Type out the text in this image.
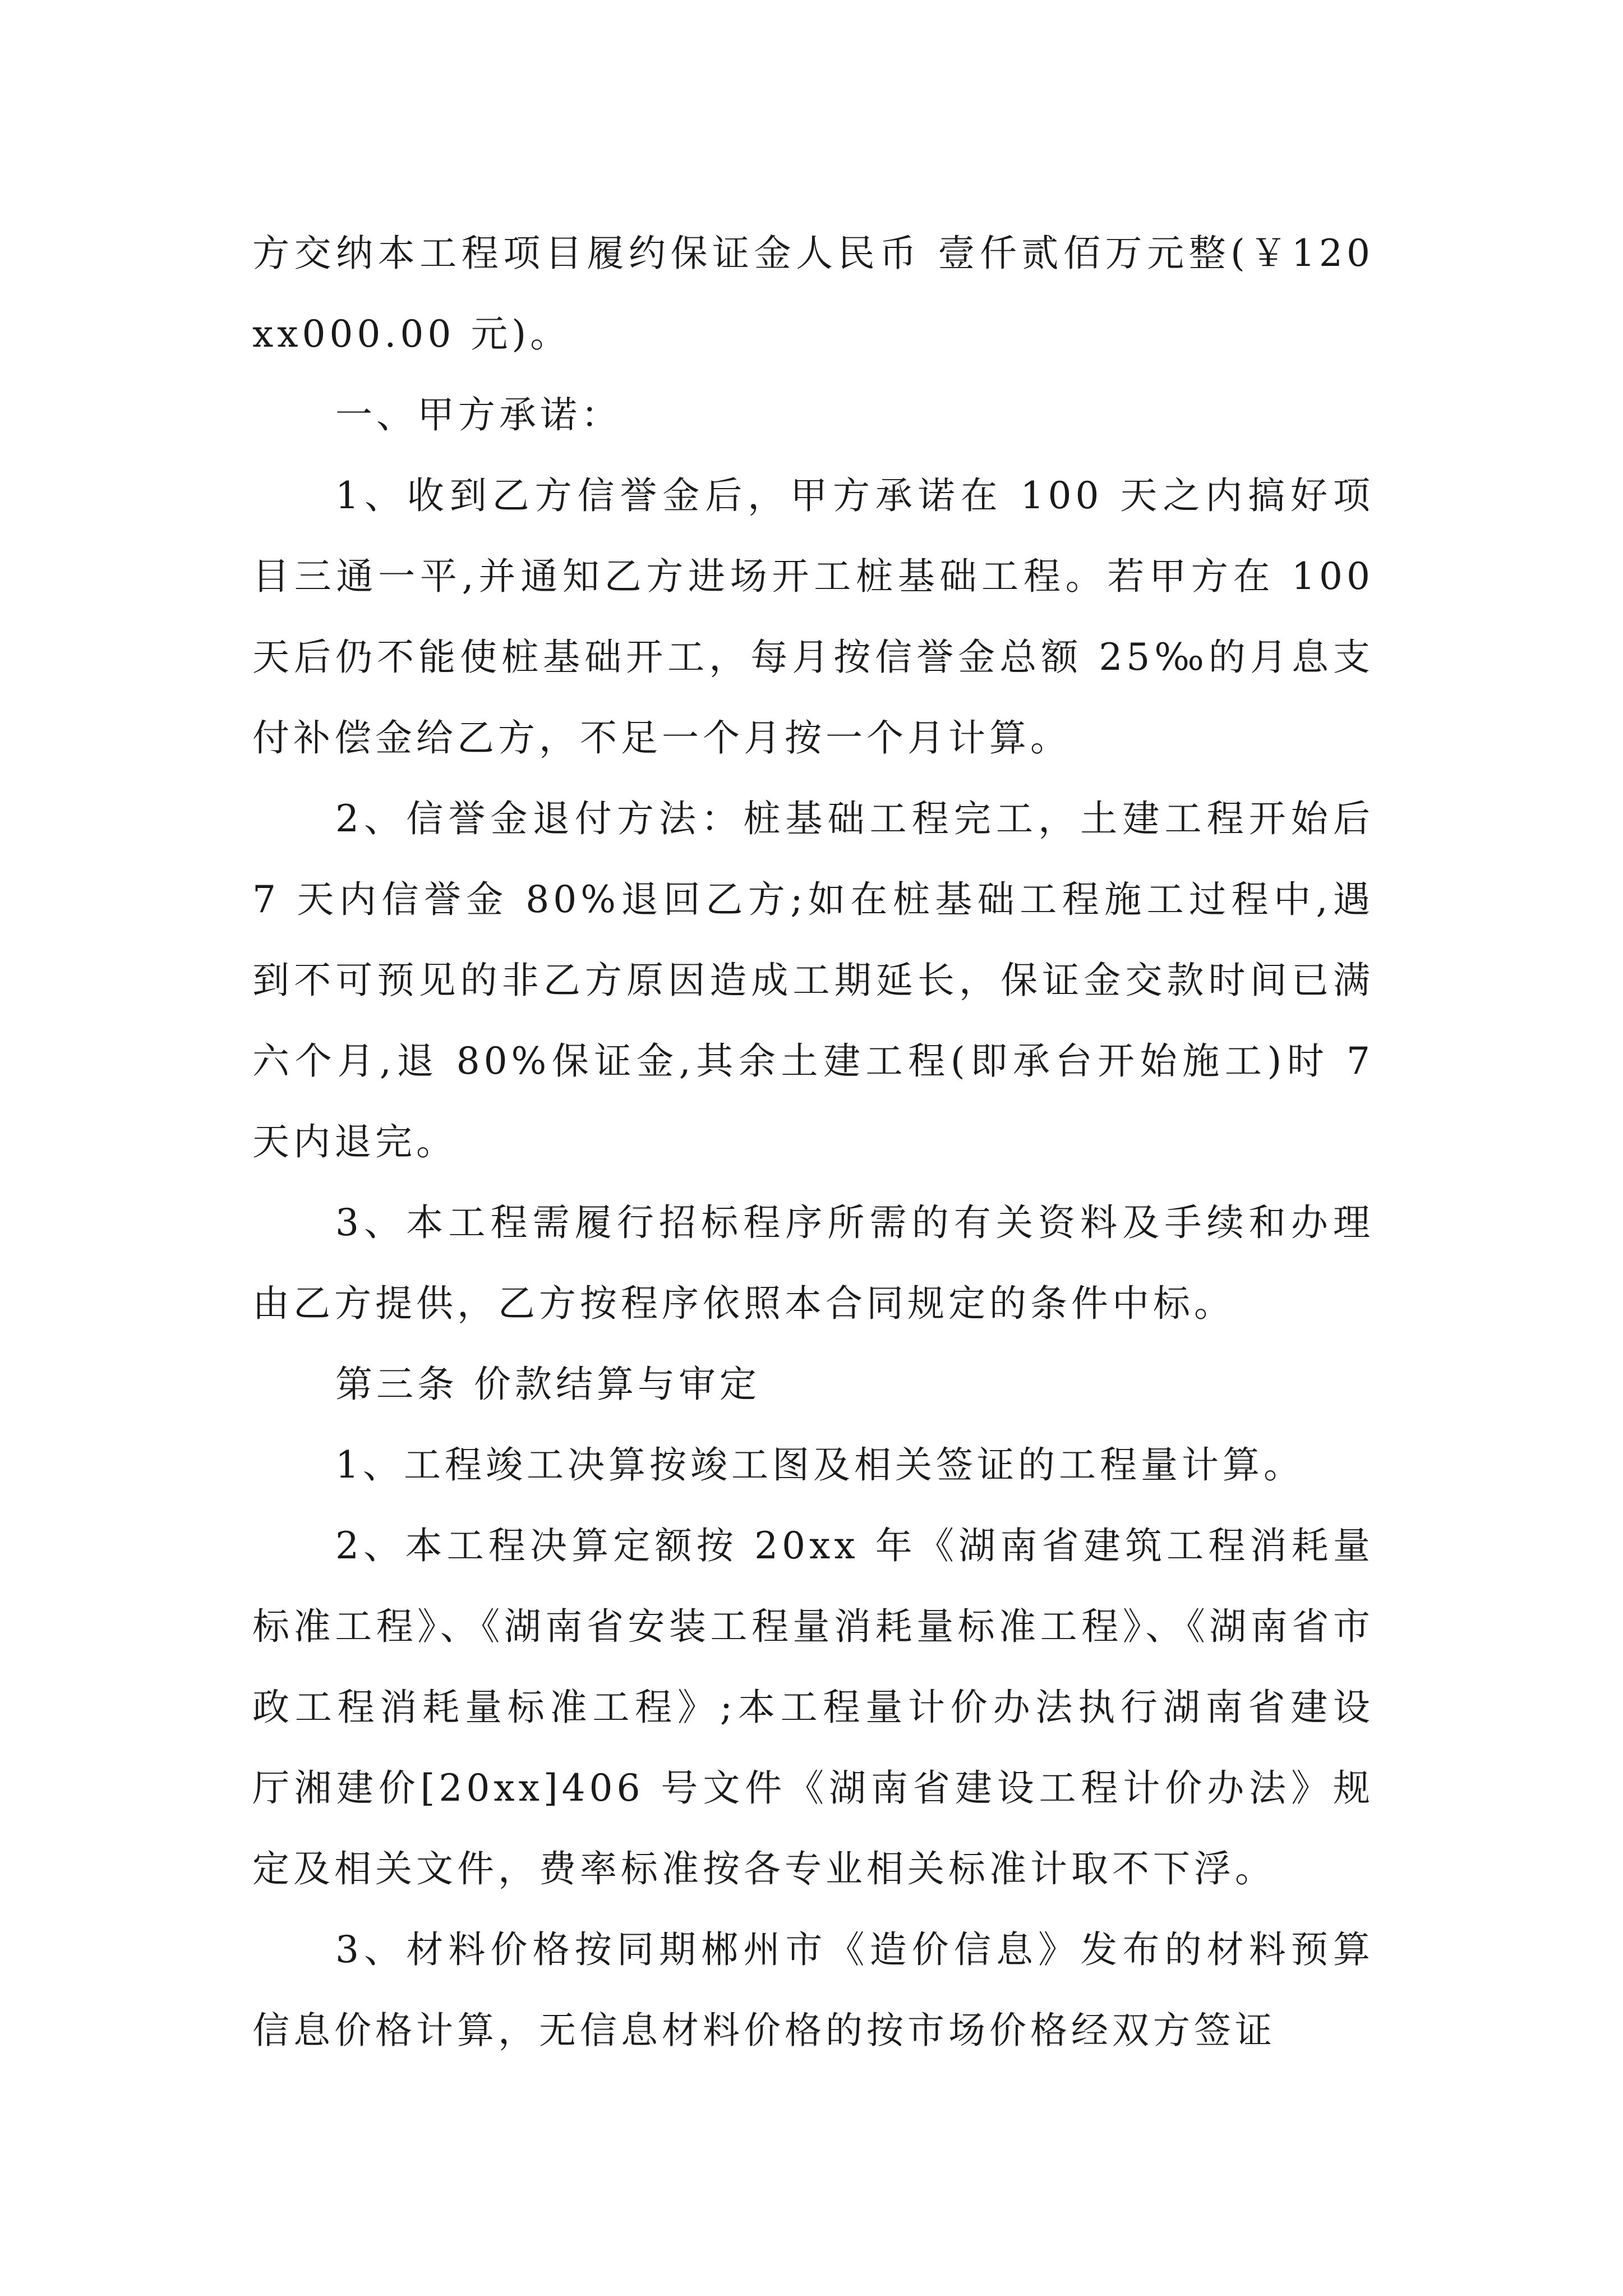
方交纳本工程项目履约保证金人民币 壹仟贰佰万元整(￥120xx000.00 元)。

一、甲方承诺：

1、收到乙方信誉金后，甲方承诺在 100 天之内搞好项目三通一平,并通知乙方进场开工桩基础工程。若甲方在 100 天后仍不能使桩基础开工，每月按信誉金总额 25‰的月息支付补偿金给乙方，不足一个月按一个月计算。

2、信誉金退付方法：桩基础工程完工，土建工程开始后 7 天内信誉金 80%退回乙方;如在桩基础工程施工过程中,遇到不可预见的非乙方原因造成工期延长，保证金交款时间已满六个月,退 80%保证金,其余土建工程(即承台开始施工)时 7 天内退完。

3、本工程需履行招标程序所需的有关资料及手续和办理由乙方提供，乙方按程序依照本合同规定的条件中标。

第三条 价款结算与审定

1、工程竣工决算按竣工图及相关签证的工程量计算。

2、本工程决算定额按 20xx 年《湖南省建筑工程消耗量标准工程》、《湖南省安装工程量消耗量标准工程》、《湖南省市政工程消耗量标准工程》;本工程量计价办法执行湖南省建设厅湘建价[20xx]406 号文件《湖南省建设工程计价办法》规定及相关文件，费率标准按各专业相关标准计取不下浮。

3、材料价格按同期郴州市《造价信息》发布的材料预算信息价格计算，无信息材料价格的按市场价格经双方签证
